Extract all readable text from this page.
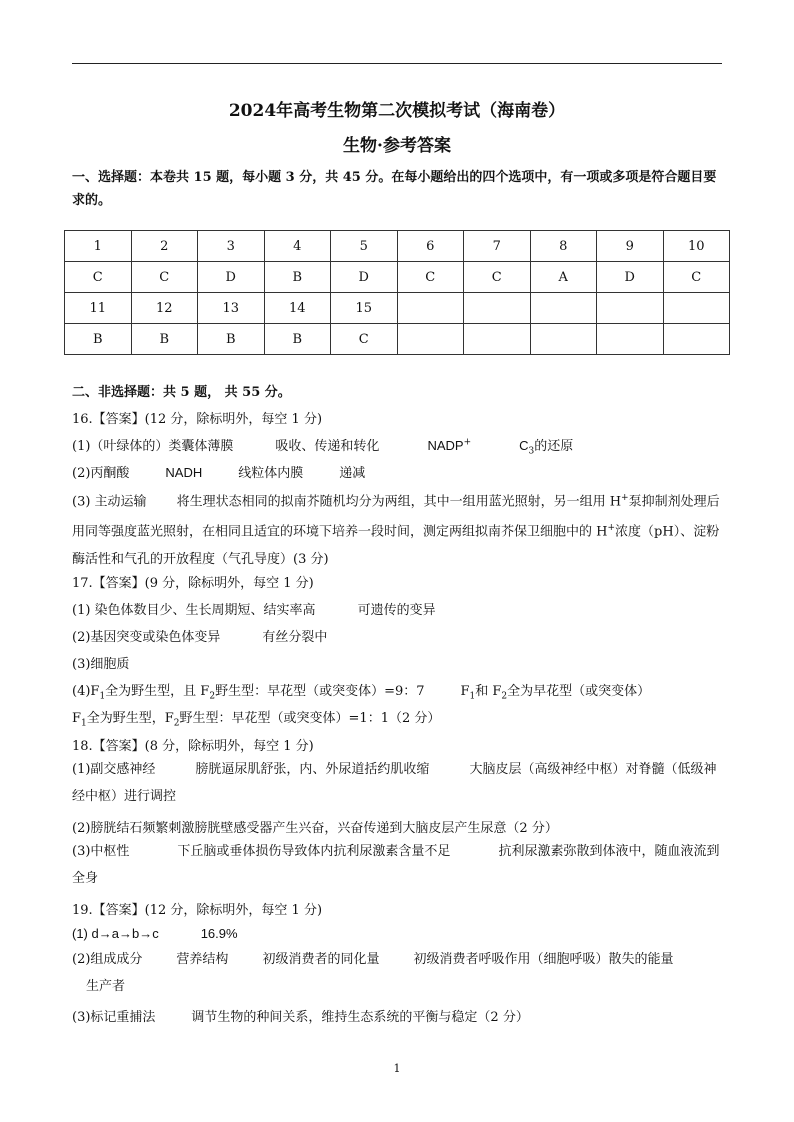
2024年高考生物第二次模拟考试（海南卷）
生物·参考答案
一、选择题：本卷共 15 题，每小题 3 分，共 45 分。在每小题给出的四个选项中，有一项或多项是符合题目要求的。
1	2	3	4	5	6	7	8	9	10
C	C	D	B	D	C	C	A	D	C
11	12	13	14	15					
B	B	B	B	C					
二、非选择题：共 5 题， 共 55 分。
16.【答案】(12 分，除标明外，每空 1 分)
(1)（叶绿体的）类囊体薄膜	吸收、传递和转化	NADP+	$C_3$的还原
(2)丙酮酸	NADH	线粒体内膜	递减
(3) 主动运输 将生理状态相同的拟南芥随机均分为两组，其中一组用蓝光照射，另一组用 H+泵抑制剂处理后用同等强度蓝光照射，在相同且适宜的环境下培养一段时间，测定两组拟南芥保卫细胞中的 H+浓度（pH）、淀粉酶活性和气孔的开放程度（气孔导度）(3 分)
17.【答案】(9 分，除标明外，每空 1 分)
(1) 染色体数目少、生长周期短、结实率高	可遗传的变异
(2)基因突变或染色体变异	有丝分裂中
(3)细胞质
$(4)F_1$全为野生型，且 $F_2$野生型：早花型（或突变体）=9：7	$F_1$和 $F_2$全为早花型（或突变体）
$F_1$全为野生型，$F_2$野生型：早花型（或突变体）=1：1（2 分）
18.【答案】(8 分，除标明外，每空 1 分)
(1)副交感神经	膀胱逼尿肌舒张，内、外尿道括约肌收缩	大脑皮层（高级神经中枢）对脊髓（低级神经中枢）进行调控
(2)膀胱结石频繁刺激膀胱壁感受器产生兴奋，兴奋传递到大脑皮层产生尿意（2 分）
(3)中枢性	下丘脑或垂体损伤导致体内抗利尿激素含量不足	抗利尿激素弥散到体液中，随血液流到全身
19.【答案】(12 分，除标明外，每空 1 分)
(1) d→a→b→c	16.9%
(2)组成成分	营养结构	初级消费者的同化量	初级消费者呼吸作用（细胞呼吸）散失的能量
生产者
(3)标记重捕法	调节生物的种间关系，维持生态系统的平衡与稳定（2 分）
1
